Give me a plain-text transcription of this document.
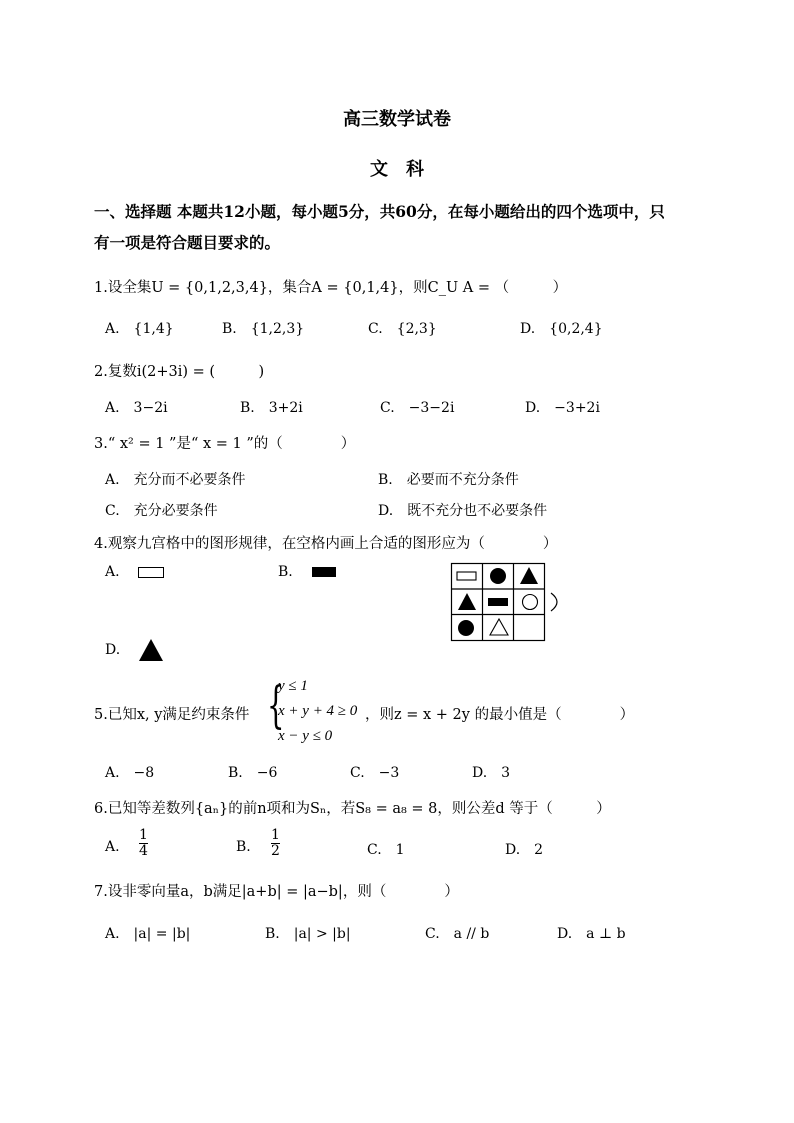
高三数学试卷
文　科
一、选择题 本题共12小题，每小题5分，共60分，在每小题给出的四个选项中，只
有一项是符合题目要求的。
1.设全集U = {0,1,2,3,4}，集合A = {0,1,4}，则C_U A = （　　　）
A.　{1,4}	B.　{1,2,3}	C.　{2,3}	D.　{0,2,4}
2.复数i(2+3i) = (　　　)
A.　3−2i	B.　3+2i	C.　−3−2i	D.　−3+2i
3.“ x² = 1 ”是“ x = 1 ”的（　　　　）
A.　充分而不必要条件	B.　必要而不充分条件
C.　充分必要条件	D.　既不充分也不必要条件
4.观察九宫格中的图形规律，在空格内画上合适的图形应为（　　　　）
A.	B.
D.
5.已知x, y满足约束条件 {
y ≤ 1
x + y + 4 ≥ 0
x − y ≤ 0
，则z = x + 2y 的最小值是（　　　　）
A.　−8	B.　−6	C.　−3	D.　3
6.已知等差数列{aₙ}的前n项和为Sₙ，若S₈ = a₈ = 8，则公差d 等于（　　　）
A.
1
4	B.
1
2	C.　1	D.　2
7.设非零向量a，b满足|a+b| = |a−b|，则（　　　　）
A.　|a| = |b|	B.　|a| > |b|	C.　a // b	D.　a ⊥ b
